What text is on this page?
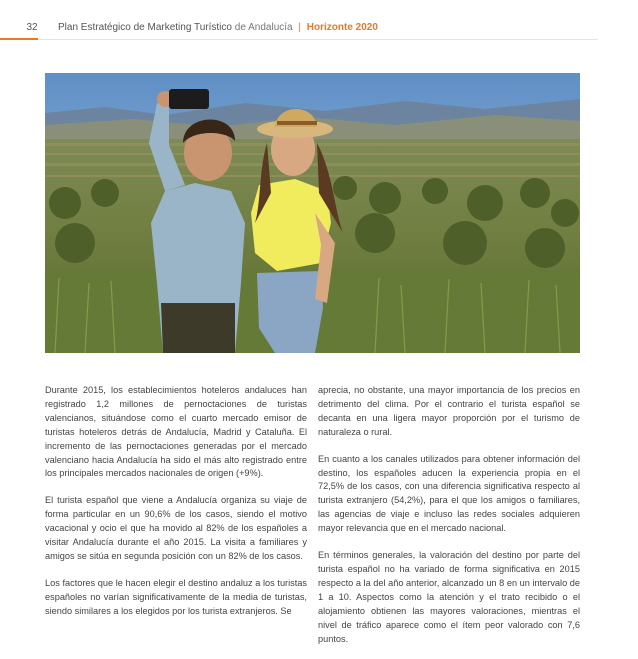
32	Plan Estratégico de Marketing Turístico de Andalucía | Horizonte 2020

Durante 2015, los establecimientos hoteleros andaluces han registrado 1,2 millones de pernoctaciones de turistas valencianos, situándose como el cuarto mercado emisor de turistas hoteleros detrás de Andalucía, Madrid y Cataluña. El incremento de las pernoctaciones generadas por el mercado valenciano hacia Andalucía ha sido el más alto registrado entre los principales mercados nacionales de origen (+9%).

El turista español que viene a Andalucía organiza su viaje de forma particular en un 90,6% de los casos, siendo el motivo vacacional y ocio el que ha movido al 82% de los españoles a visitar Andalucía durante el año 2015. La visita a familiares y amigos se sitúa en segunda posición con un 82% de los casos.

Los factores que le hacen elegir el destino andaluz a los turistas españoles no varían significativamente de la media de turistas, siendo similares a los elegidos por los turista extranjeros. Se

aprecia, no obstante, una mayor importancia de los precios en detrimento del clima. Por el contrario el turista español se decanta en una ligera mayor proporción por el turismo de naturaleza o rural.

En cuanto a los canales utilizados para obtener información del destino, los españoles aducen la experiencia propia en el 72,5% de los casos, con una diferencia significativa respecto al turista extranjero (54,2%), para el que los amigos o familiares, las agencias de viaje e incluso las redes sociales adquieren mayor relevancia que en el mercado nacional.

En términos generales, la valoración del destino por parte del turista español no ha variado de forma significativa en 2015 respecto a la del año anterior, alcanzado un 8 en un intervalo de 1 a 10. Aspectos como la atención y el trato recibido o el alojamiento obtienen las mayores valoraciones, mientras el nivel de tráfico aparece como el ítem peor valorado con 7,6 puntos.
